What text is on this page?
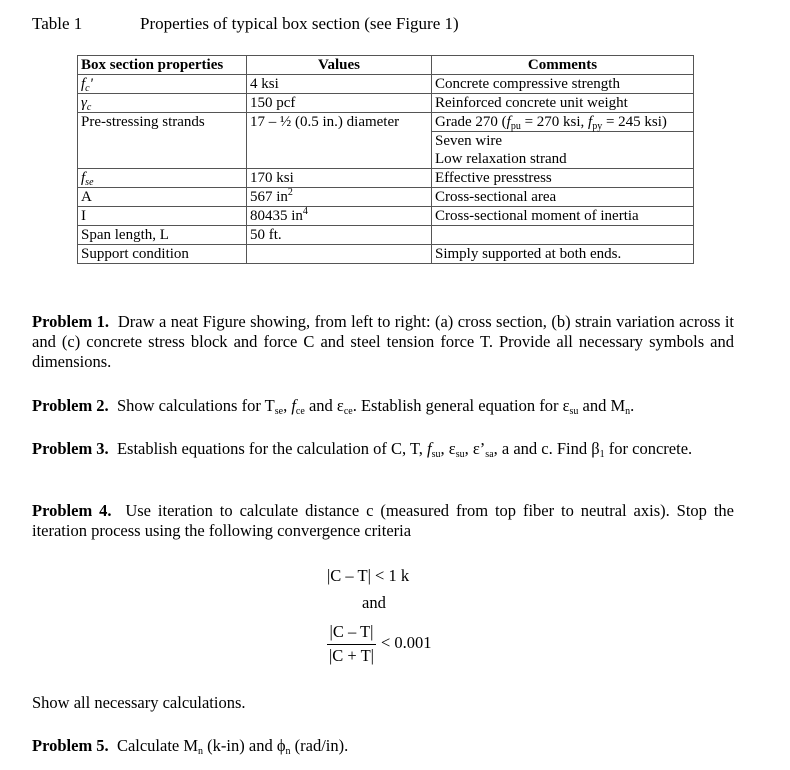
Table 1	Properties of typical box section (see Figure 1)
Box section properties	Values	Comments
$f_c'$	4 ksi	Concrete compressive strength
$\gamma_c$	150 pcf	Reinforced concrete unit weight
Pre-stressing strands	17 – ½ (0.5 in.) diameter	Grade 270 ($f_{pu} = 270$ ksi, $f_{py} = 245$ ksi)
		Seven wire
		Low relaxation strand
$f_{se}$	170 ksi	Effective presstress
A	567 $in^2$	Cross-sectional area
I	80435 $in^4$	Cross-sectional moment of inertia
Span length, L	50 ft.	
Support condition		Simply supported at both ends.
Problem 1. Draw a neat Figure showing, from left to right: (a) cross section, (b) strain variation across it and (c) concrete stress block and force C and steel tension force T. Provide all necessary symbols and dimensions.
Problem 2. Show calculations for $T_{se}$, $f_{ce}$ and $\varepsilon_{ce}$. Establish general equation for $\varepsilon_{su}$ and $M_n$.
Problem 3. Establish equations for the calculation of C, T, $f_{su}$, $\varepsilon_{su}$, $\varepsilon’_{sa}$, a and c. Find $\beta_1$ for concrete.
Problem 4. Use iteration to calculate distance c (measured from top fiber to neutral axis). Stop the iteration process using the following convergence criteria
|C – T| < 1 k
and
|C – T|
|C + T|
< 0.001
Show all necessary calculations.
Problem 5. Calculate $M_n$ (k-in) and $\phi_n$ (rad/in).
